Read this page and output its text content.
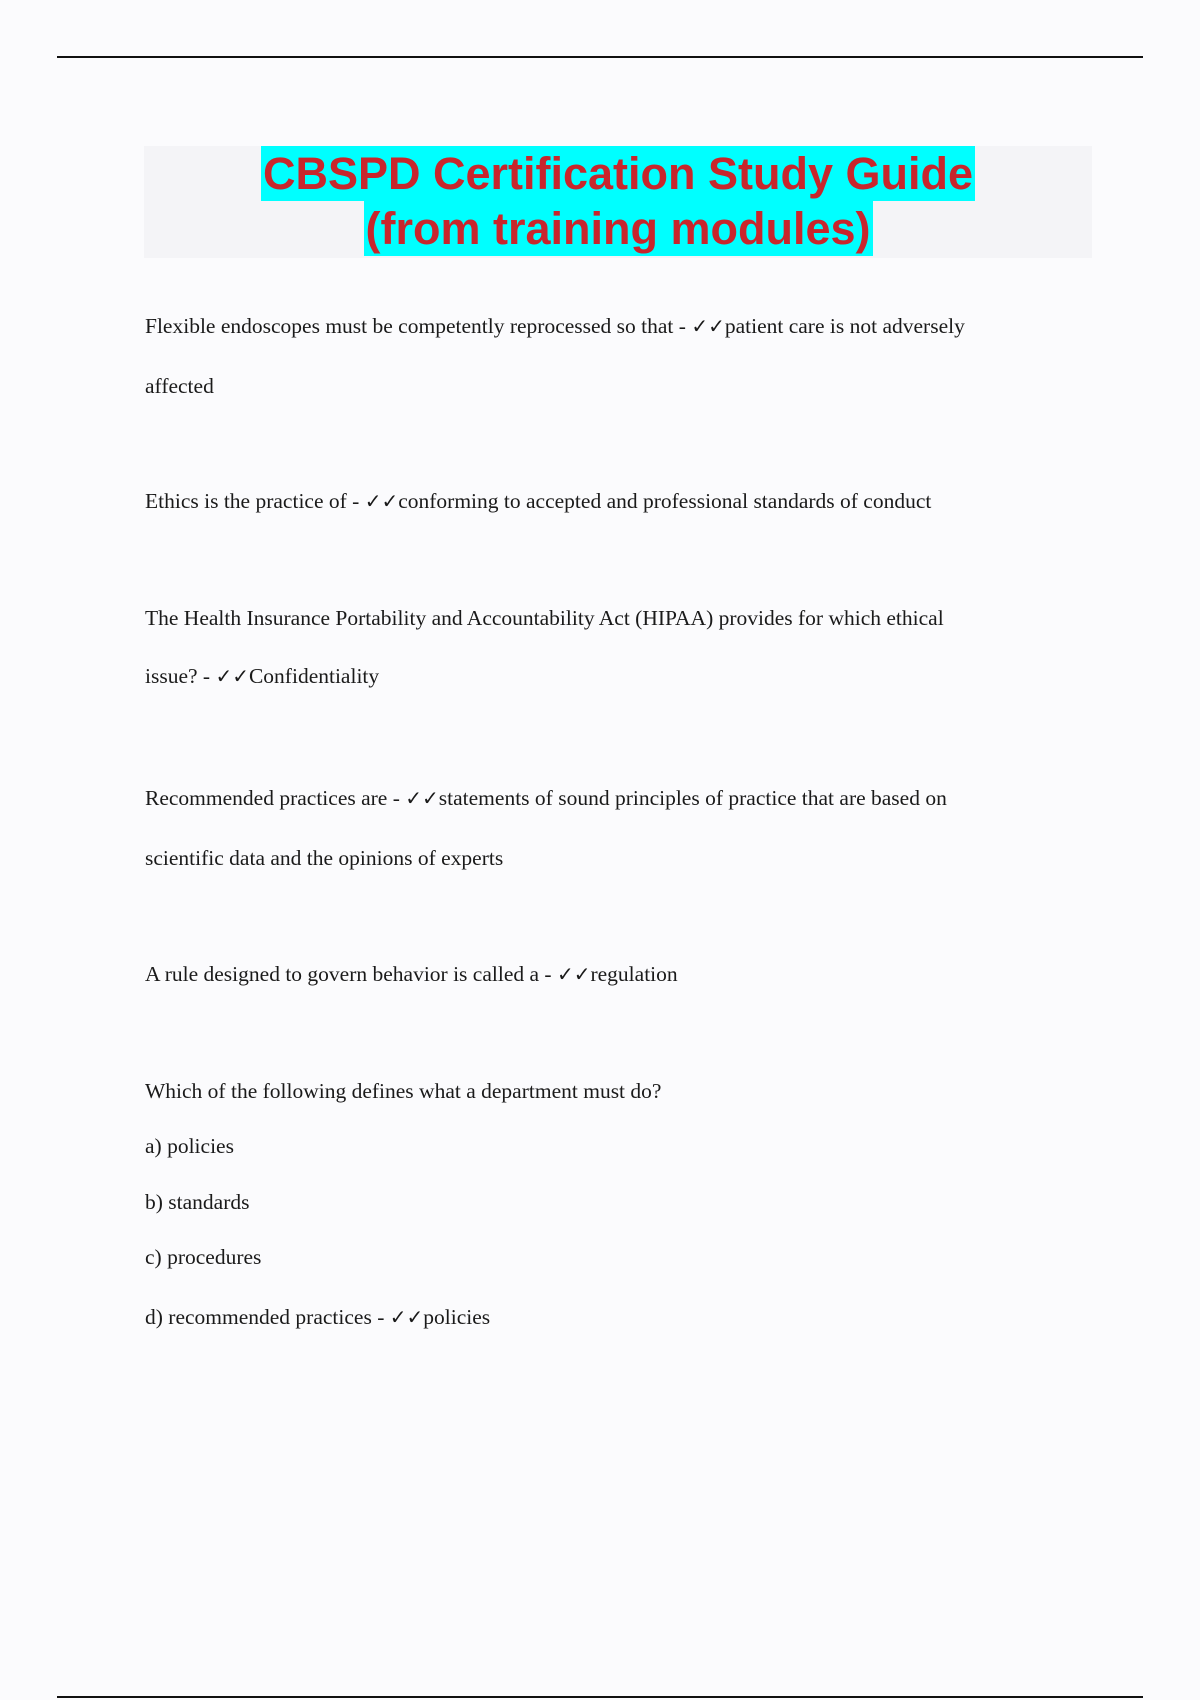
CBSPD Certification Study Guide
(from training modules)
Flexible endoscopes must be competently reprocessed so that - ✓✓patient care is not adversely
affected
Ethics is the practice of - ✓✓conforming to accepted and professional standards of conduct
The Health Insurance Portability and Accountability Act (HIPAA) provides for which ethical
issue? - ✓✓Confidentiality
Recommended practices are - ✓✓statements of sound principles of practice that are based on
scientific data and the opinions of experts
A rule designed to govern behavior is called a - ✓✓regulation
Which of the following defines what a department must do?
a) policies
b) standards
c) procedures
d) recommended practices - ✓✓policies
